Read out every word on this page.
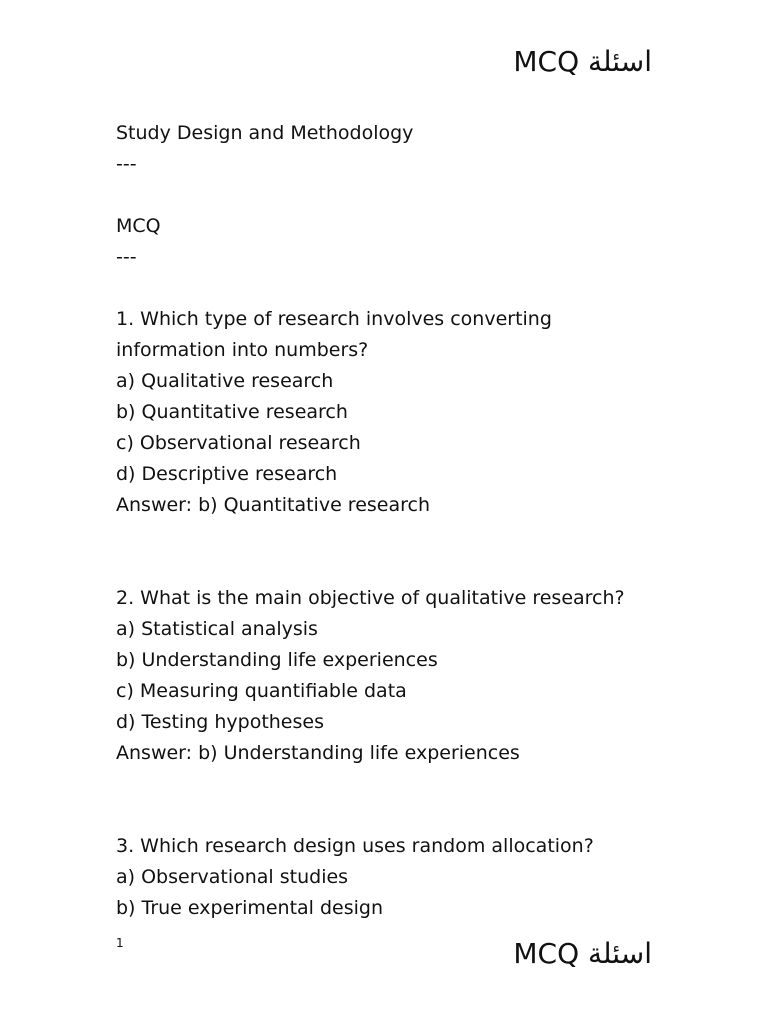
MCQ اسئلة
Study Design and Methodology
---
MCQ
---
1. Which type of research involves converting
information into numbers?
a) Qualitative research
b) Quantitative research
c) Observational research
d) Descriptive research
Answer: b) Quantitative research
2. What is the main objective of qualitative research?
a) Statistical analysis
b) Understanding life experiences
c) Measuring quantifiable data
d) Testing hypotheses
Answer: b) Understanding life experiences
3. Which research design uses random allocation?
a) Observational studies
b) True experimental design
1	MCQ اسئلة
